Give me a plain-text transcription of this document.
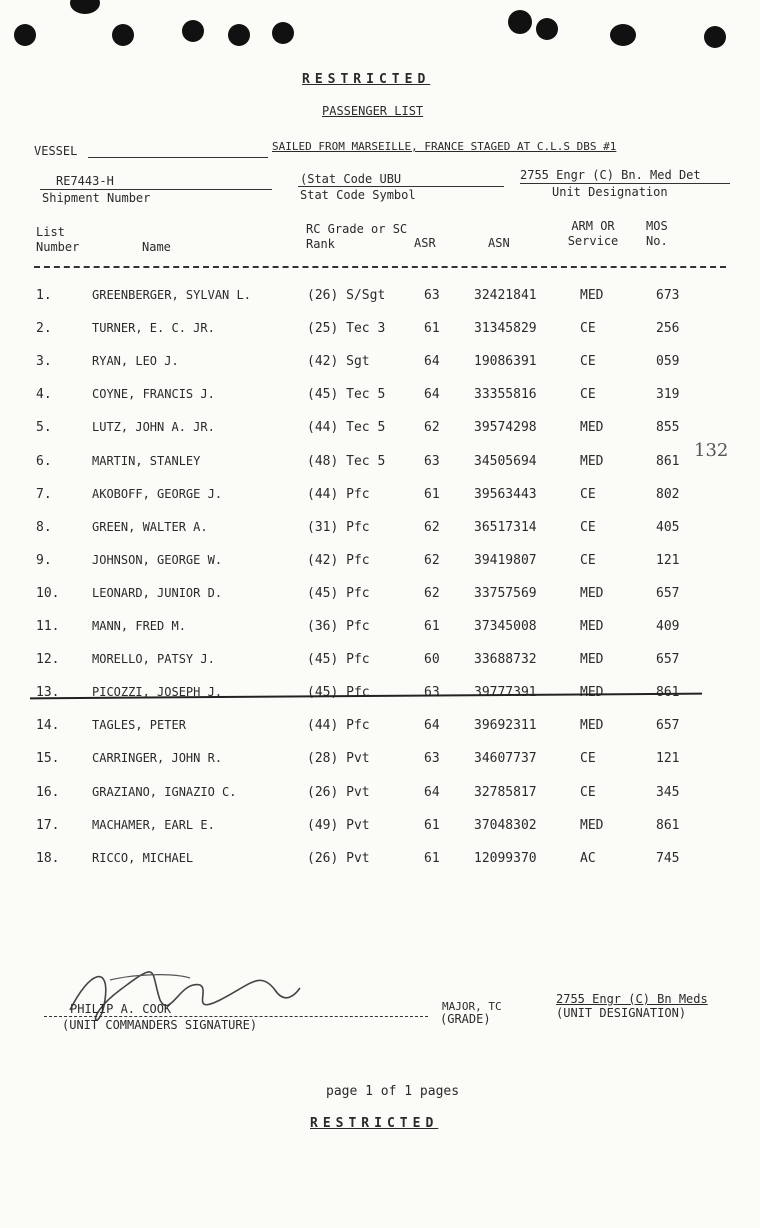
RESTRICTED
PASSENGER LIST
VESSEL	SAILED FROM MARSEILLE, FRANCE STAGED AT C.L.S DBS #1
RE7443-H
Shipment Number
(Stat Code UBU
Stat Code Symbol
2755 Engr (C) Bn. Med Det
Unit Designation
List Number	Name
RC Grade or SC Rank	ASR	ASN
ARM OR Service
MOS No.
1.	GREENBERGER, SYLVAN L.	(26) S/Sgt	63	32421841	MED	673
2.	TURNER, E. C. JR.	(25) Tec 3	61	31345829	CE	256
3.	RYAN, LEO J.	(42) Sgt	64	19086391	CE	059
4.	COYNE, FRANCIS J.	(45) Tec 5	64	33355816	CE	319
5.	LUTZ, JOHN A. JR.	(44) Tec 5	62	39574298	MED	855
6.	MARTIN, STANLEY	(48) Tec 5	63	34505694	MED	861
7.	AKOBOFF, GEORGE J.	(44) Pfc	61	39563443	CE	802
8.	GREEN, WALTER A.	(31) Pfc	62	36517314	CE	405
9.	JOHNSON, GEORGE W.	(42) Pfc	62	39419807	CE	121
10.	LEONARD, JUNIOR D.	(45) Pfc	62	33757569	MED	657
11.	MANN, FRED M.	(36) Pfc	61	37345008	MED	409
12.	MORELLO, PATSY J.	(45) Pfc	60	33688732	MED	657
13.	PICOZZI, JOSEPH J.	(45) Pfc	63	39777391	MED	861
14.	TAGLES, PETER	(44) Pfc	64	39692311	MED	657
15.	CARRINGER, JOHN R.	(28) Pvt	63	34607737	CE	121
16.	GRAZIANO, IGNAZIO C.	(26) Pvt	64	32785817	CE	345
17.	MACHAMER, EARL E.	(49) Pvt	61	37048302	MED	861
18.	RICCO, MICHAEL	(26) Pvt	61	12099370	AC	745
132
PHILIP A. COOK
(UNIT COMMANDERS SIGNATURE)
MAJOR, TC
(GRADE)
2755 Engr (C) Bn Meds
(UNIT DESIGNATION)
page 1 of 1 pages
RESTRICTED
